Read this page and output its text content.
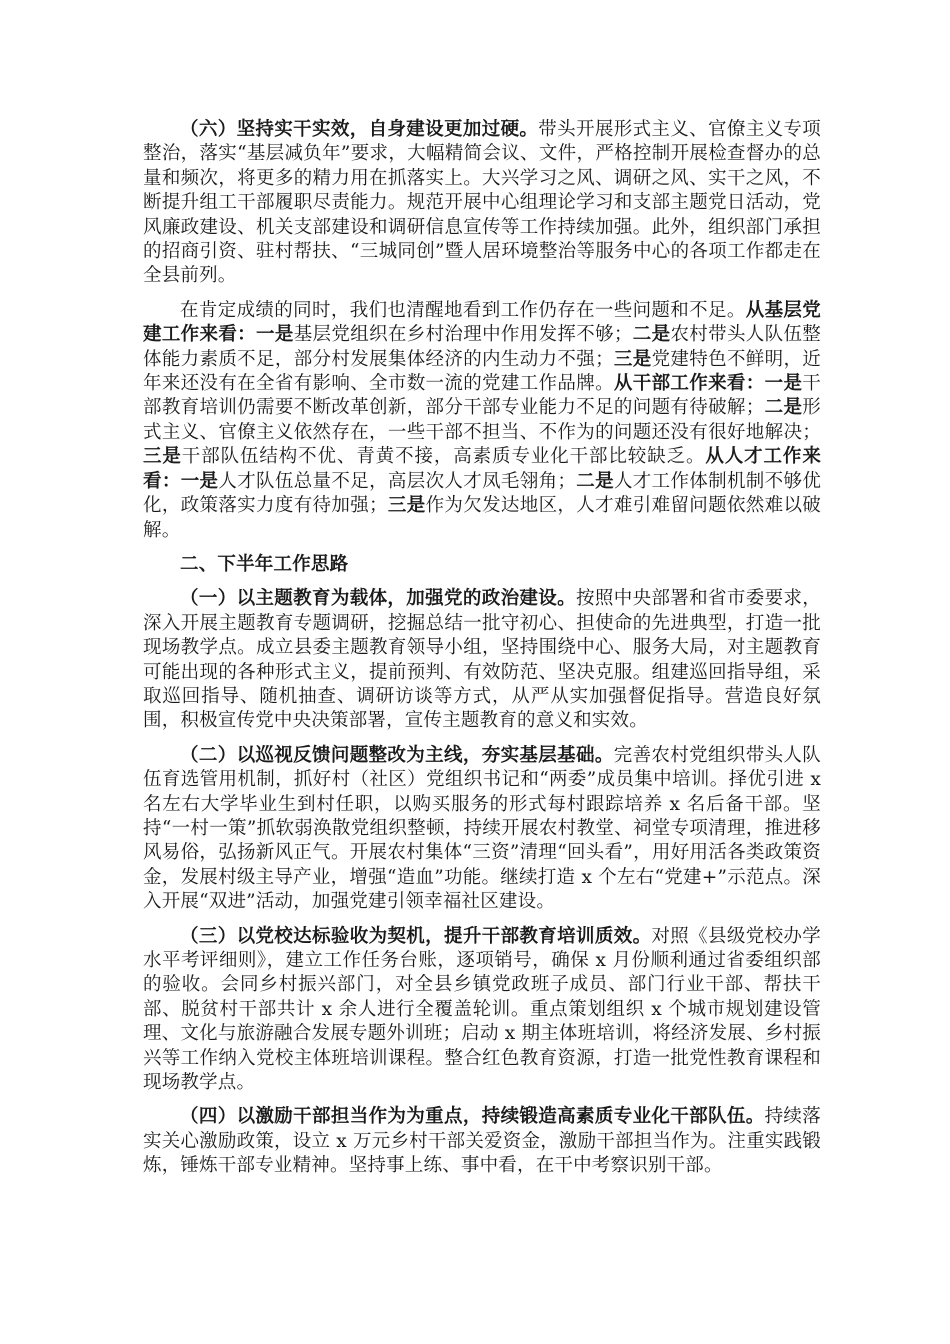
（六）坚持实干实效，自身建设更加过硬。带头开展形式主义、官僚主义专项整治，落实“基层减负年”要求，大幅精简会议、文件，严格控制开展检查督办的总量和频次，将更多的精力用在抓落实上。大兴学习之风、调研之风、实干之风，不断提升组工干部履职尽责能力。规范开展中心组理论学习和支部主题党日活动，党风廉政建设、机关支部建设和调研信息宣传等工作持续加强。此外，组织部门承担的招商引资、驻村帮扶、“三城同创”暨人居环境整治等服务中心的各项工作都走在全县前列。

在肯定成绩的同时，我们也清醒地看到工作仍存在一些问题和不足。从基层党建工作来看：一是基层党组织在乡村治理中作用发挥不够；二是农村带头人队伍整体能力素质不足，部分村发展集体经济的内生动力不强；三是党建特色不鲜明，近年来还没有在全省有影响、全市数一流的党建工作品牌。从干部工作来看：一是干部教育培训仍需要不断改革创新，部分干部专业能力不足的问题有待破解；二是形式主义、官僚主义依然存在，一些干部不担当、不作为的问题还没有很好地解决；三是干部队伍结构不优、青黄不接，高素质专业化干部比较缺乏。从人才工作来看：一是人才队伍总量不足，高层次人才凤毛翎角；二是人才工作体制机制不够优化，政策落实力度有待加强；三是作为欠发达地区，人才难引难留问题依然难以破解。

二、下半年工作思路

（一）以主题教育为载体，加强党的政治建设。按照中央部署和省市委要求，深入开展主题教育专题调研，挖掘总结一批守初心、担使命的先进典型，打造一批现场教学点。成立县委主题教育领导小组，坚持围绕中心、服务大局，对主题教育可能出现的各种形式主义，提前预判、有效防范、坚决克服。组建巡回指导组，采取巡回指导、随机抽查、调研访谈等方式，从严从实加强督促指导。营造良好氛围，积极宣传党中央决策部署，宣传主题教育的意义和实效。

（二）以巡视反馈问题整改为主线，夯实基层基础。完善农村党组织带头人队伍育选管用机制，抓好村（社区）党组织书记和“两委”成员集中培训。择优引进 x 名左右大学毕业生到村任职，以购买服务的形式每村跟踪培养 x 名后备干部。坚持“一村一策”抓软弱涣散党组织整顿，持续开展农村教堂、祠堂专项清理，推进移风易俗，弘扬新风正气。开展农村集体“三资”清理“回头看”，用好用活各类政策资金，发展村级主导产业，增强“造血”功能。继续打造 x 个左右“党建+”示范点。深入开展“双进”活动，加强党建引领幸福社区建设。

（三）以党校达标验收为契机，提升干部教育培训质效。对照《县级党校办学水平考评细则》，建立工作任务台账，逐项销号，确保 x 月份顺利通过省委组织部的验收。会同乡村振兴部门，对全县乡镇党政班子成员、部门行业干部、帮扶干部、脱贫村干部共计 x 余人进行全覆盖轮训。重点策划组织 x 个城市规划建设管理、文化与旅游融合发展专题外训班；启动 x 期主体班培训，将经济发展、乡村振兴等工作纳入党校主体班培训课程。整合红色教育资源，打造一批党性教育课程和现场教学点。

（四）以激励干部担当作为为重点，持续锻造高素质专业化干部队伍。持续落实关心激励政策，设立 x 万元乡村干部关爱资金，激励干部担当作为。注重实践锻炼，锤炼干部专业精神。坚持事上练、事中看，在干中考察识别干部。
